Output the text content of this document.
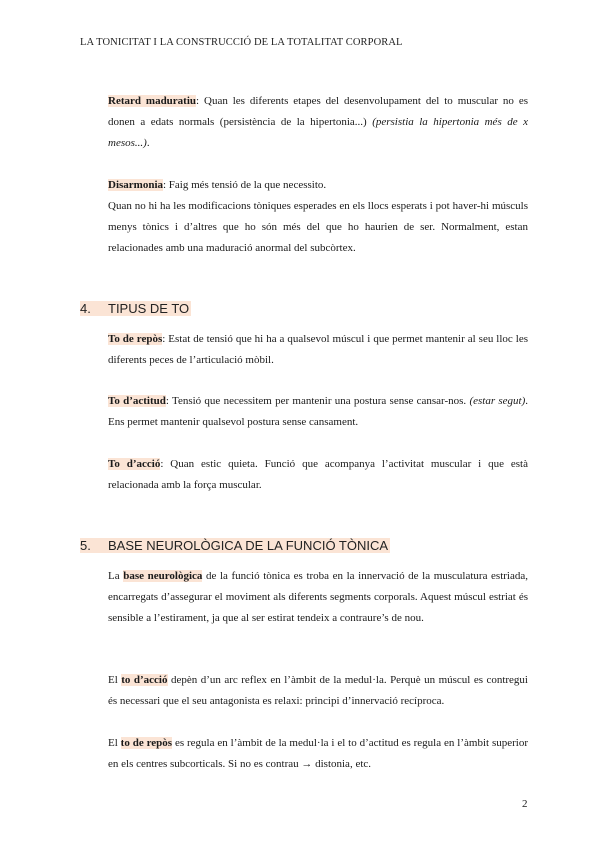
LA TONICITAT I LA CONSTRUCCIÓ DE LA TOTALITAT CORPORAL

Retard maduratiu: Quan les diferents etapes del desenvolupament del to muscular no es donen a edats normals (persistència de la hipertonia...) (persistia la hipertonia més de x mesos...).

Disarmonia: Faig més tensió de la que necessito.

Quan no hi ha les modificacions tòniques esperades en els llocs esperats i pot haver-hi músculs menys tònics i d’altres que ho són més del que ho haurien de ser. Normalment, estan relacionades amb una maduració anormal del subcòrtex.

4. TIPUS DE TO

To de repòs: Estat de tensió que hi ha a qualsevol múscul i que permet mantenir al seu lloc les diferents peces de l’articulació mòbil.

To d’actitud: Tensió que necessitem per mantenir una postura sense cansar-nos. (estar segut). Ens permet mantenir qualsevol postura sense cansament.

To d’acció: Quan estic quieta. Funció que acompanya l’activitat muscular i que està relacionada amb la força muscular.

5. BASE NEUROLÒGICA DE LA FUNCIÓ TÒNICA

La base neurològica de la funció tònica es troba en la innervació de la musculatura estriada, encarregats d’assegurar el moviment als diferents segments corporals. Aquest múscul estriat és sensible a l’estirament, ja que al ser estirat tendeix a contraure’s de nou.

El to d’acció depèn d’un arc reflex en l’àmbit de la medul·la. Perquè un múscul es contregui és necessari que el seu antagonista es relaxi: principi d’innervació recíproca.

El to de repòs es regula en l’àmbit de la medul·la i el to d’actitud es regula en l’àmbit superior en els centres subcorticals. Si no es contrau → distonia, etc.

2
